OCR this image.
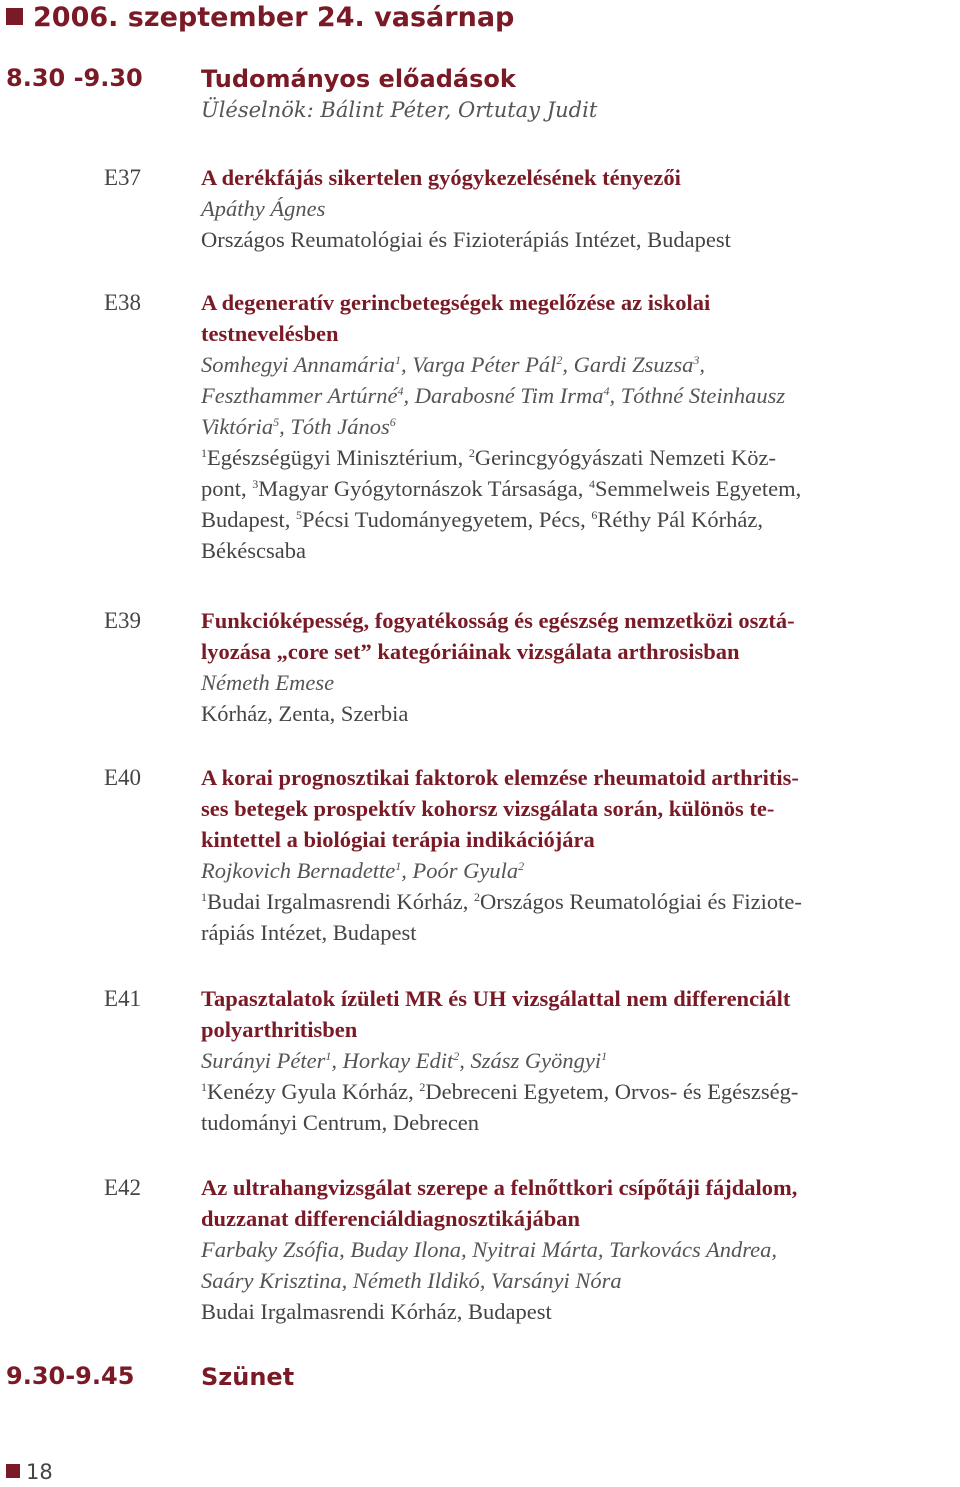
2006. szeptember 24. vasárnap
8.30 -9.30 Tudományos előadások
Üléselnök: Bálint Péter, Ortutay Judit
E37	A derékfájás sikertelen gyógykezelésének tényezői
Apáthy Ágnes
Országos Reumatológiai és Fizioterápiás Intézet, Budapest
E38	A degeneratív gerincbetegségek megelőzése az iskolai
testnevelésben
Somhegyi Annamária$^1$, Varga Péter Pál$^2$, Gardi Zsuzsa$^3$,
Feszthammer Artúrné$^4$, Darabosné Tim Irma$^4$, Tóthné Steinhausz
Viktória$^5$, Tóth János$^6$
$^1$Egészségügyi Minisztérium, $^2$Gerincgyógyászati Nemzeti Köz-
pont, $^3$Magyar Gyógytornászok Társasága, $^4$Semmelweis Egyetem,
Budapest, $^5$Pécsi Tudományegyetem, Pécs, $^6$Réthy Pál Kórház,
Békéscsaba
E39	Funkcióképesség, fogyatékosság és egészség nemzetközi osztá-
lyozása „core set” kategóriáinak vizsgálata arthrosisban
Németh Emese
Kórház, Zenta, Szerbia
E40	A korai prognosztikai faktorok elemzése rheumatoid arthritis-
ses betegek prospektív kohorsz vizsgálata során, különös te-
kintettel a biológiai terápia indikációjára
Rojkovich Bernadette$^1$, Poór Gyula$^2$
$^1$Budai Irgalmasrendi Kórház, $^2$Országos Reumatológiai és Fiziote-
rápiás Intézet, Budapest
E41	Tapasztalatok ízületi MR és UH vizsgálattal nem differenciált
polyarthritisben
Surányi Péter$^1$, Horkay Edit$^2$, Szász Gyöngyi$^1$
$^1$Kenézy Gyula Kórház, $^2$Debreceni Egyetem, Orvos- és Egészség-
tudományi Centrum, Debrecen
E42	Az ultrahangvizsgálat szerepe a felnőttkori csípőtáji fájdalom,
duzzanat differenciáldiagnosztikájában
Farbaky Zsófia, Buday Ilona, Nyitrai Márta, Tarkovács Andrea,
Saáry Krisztina, Németh Ildikó, Varsányi Nóra
Budai Irgalmasrendi Kórház, Budapest
9.30-9.45	Szünet
18
